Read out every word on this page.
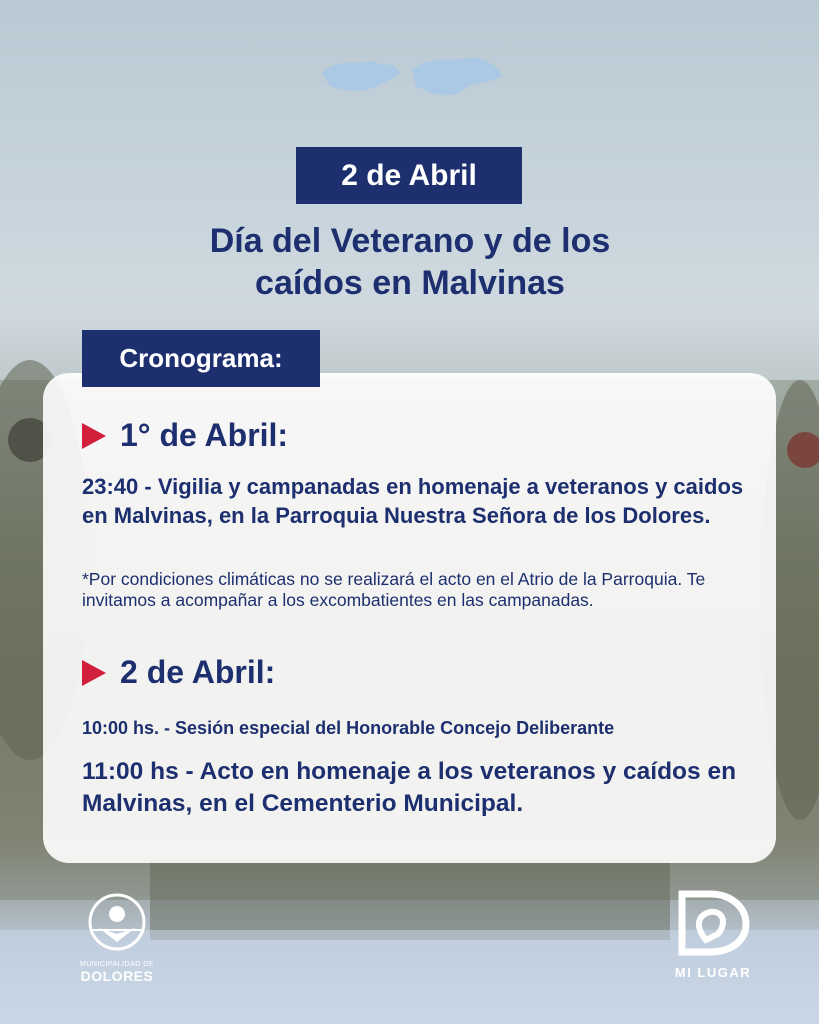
2 de Abril
Día del Veterano y de los
caídos en Malvinas
Cronograma:
1° de Abril:
23:40 - Vigilia y campanadas en homenaje a veteranos y caidos en Malvinas, en la Parroquia Nuestra Señora de los Dolores.
*Por condiciones climáticas no se realizará el acto en el Atrio de la Parroquia. Te invitamos a acompañar a los excombatientes en las campanadas.
2 de Abril:
10:00 hs. - Sesión especial del Honorable Concejo Deliberante
11:00 hs - Acto en homenaje a los veteranos y caídos en Malvinas, en el Cementerio Municipal.
MUNICIPALIDAD DE
DOLORES	MI LUGAR
